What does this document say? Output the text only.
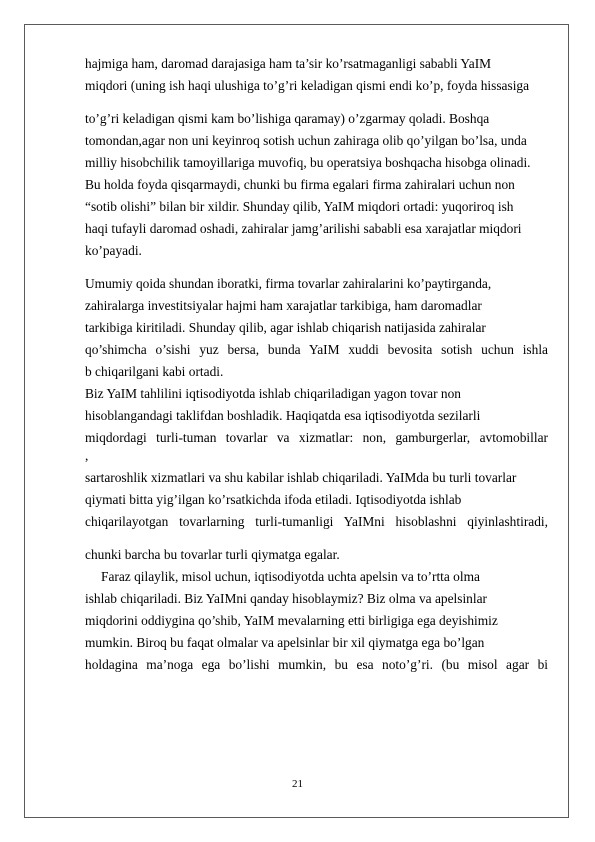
hajmiga ham, daromad darajasiga ham ta’sir ko’rsatmaganligi sababli YaIM
miqdori (uning ish haqi ulushiga to’g’ri keladigan qismi endi ko’p, foyda hissasiga
to’g’ri keladigan qismi kam bo’lishiga qaramay) o’zgarmay qoladi. Boshqa
tomondan,agar non uni keyinroq sotish uchun zahiraga olib qo’yilgan bo’lsa, unda
milliy hisobchilik tamoyillariga muvofiq, bu operatsiya boshqacha hisobga olinadi.
Bu holda foyda qisqarmaydi, chunki bu firma egalari firma zahiralari uchun non
“sotib olishi” bilan bir xildir. Shunday qilib, YaIM miqdori ortadi: yuqoriroq ish
haqi tufayli daromad oshadi, zahiralar jamg’arilishi sababli esa xarajatlar miqdori
ko’payadi.
Umumiy qoida shundan iboratki, firma tovarlar zahiralarini ko’paytirganda,
zahiralarga investitsiyalar hajmi ham xarajatlar tarkibiga, ham daromadlar
tarkibiga kiritiladi. Shunday qilib, agar ishlab chiqarish natijasida zahiralar
qo’shimcha o’sishi yuz bersa, bunda YaIM xuddi bevosita sotish uchun ishla
b chiqarilgani kabi ortadi.
Biz YaIM tahlilini iqtisodiyotda ishlab chiqariladigan yagon tovar non
hisoblangandagi taklifdan boshladik. Haqiqatda esa iqtisodiyotda sezilarli
miqdordagi turli-tuman tovarlar va xizmatlar: non, gamburgerlar, avtomobillar
,
sartaroshlik xizmatlari va shu kabilar ishlab chiqariladi. YaIMda bu turli tovarlar
qiymati bitta yig’ilgan ko’rsatkichda ifoda etiladi. Iqtisodiyotda ishlab
chiqarilayotgan tovarlarning turli-tumanligi YaIMni hisoblashni qiyinlashtiradi,
chunki barcha bu tovarlar turli qiymatga egalar.
Faraz qilaylik, misol uchun, iqtisodiyotda uchta apelsin va to’rtta olma
ishlab chiqariladi. Biz YaIMni qanday hisoblaymiz? Biz olma va apelsinlar
miqdorini oddiygina qo’shib, YaIM mevalarning etti birligiga ega deyishimiz
mumkin. Biroq bu faqat olmalar va apelsinlar bir xil qiymatga ega bo’lgan
holdagina ma’noga ega bo’lishi mumkin, bu esa noto’g’ri. (bu misol agar bi
21
